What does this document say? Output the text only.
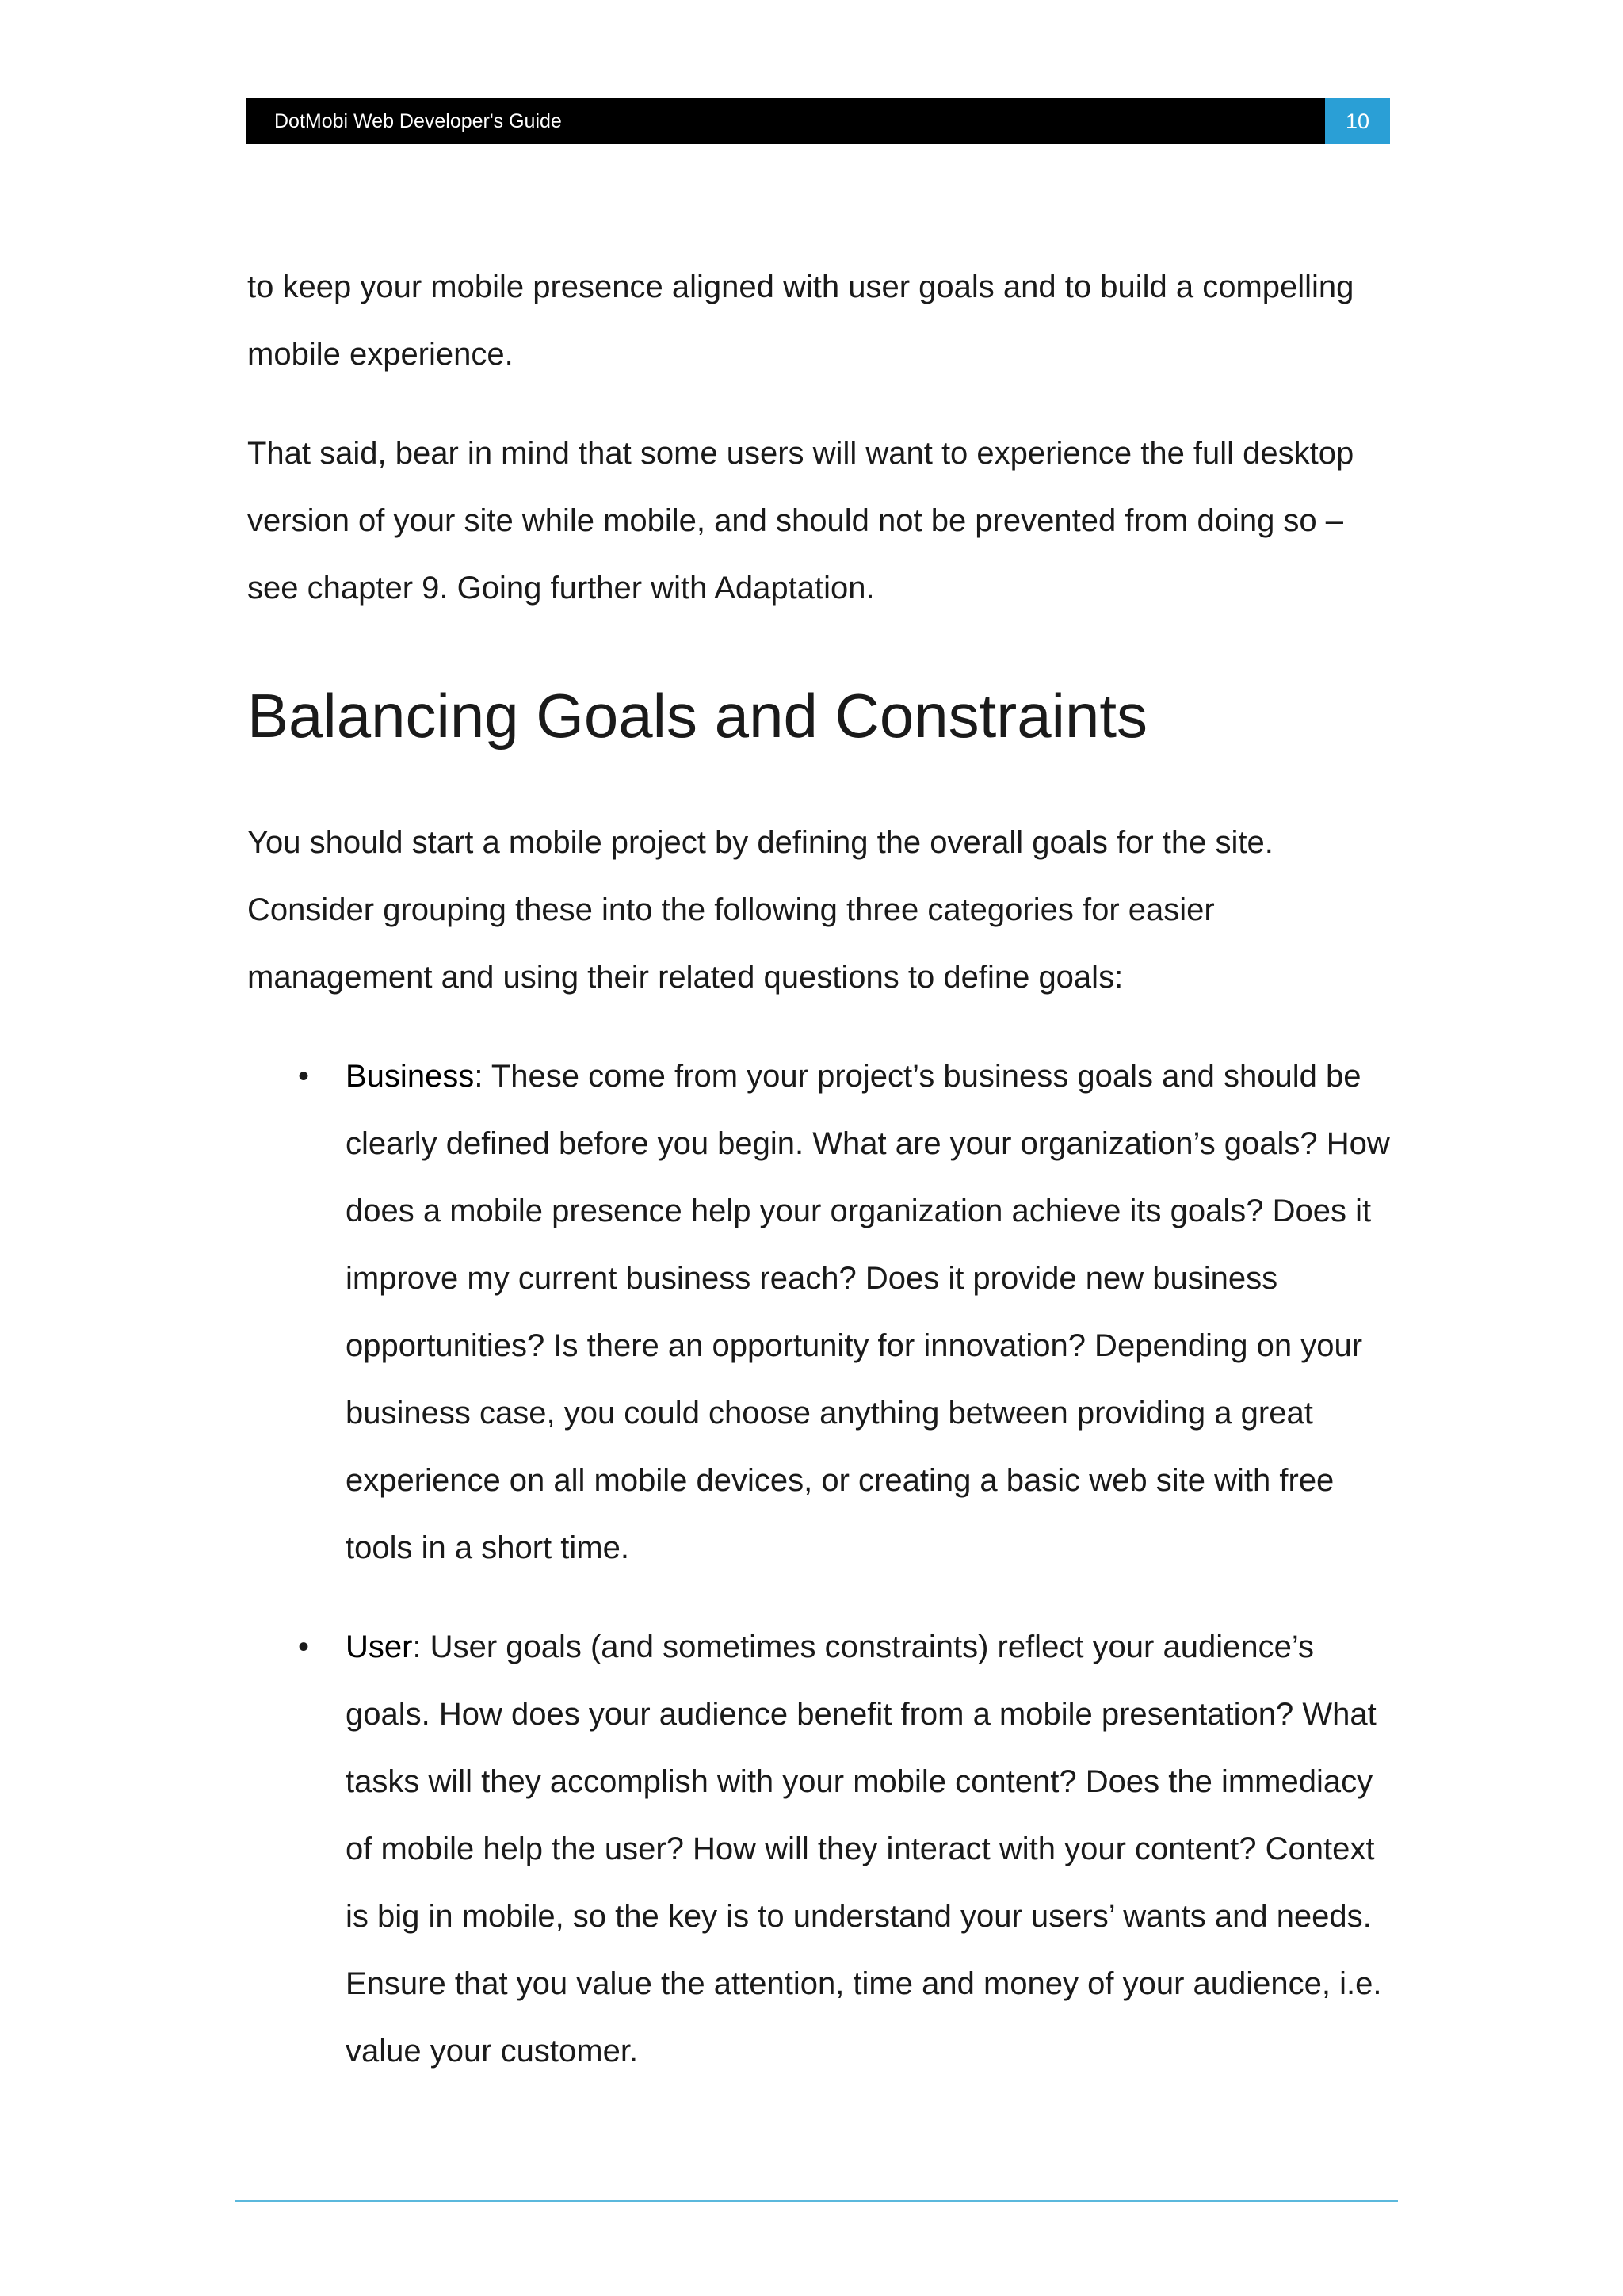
DotMobi Web Developer's Guide	10

to keep your mobile presence aligned with user goals and to build a compelling mobile experience.

That said, bear in mind that some users will want to experience the full desktop version of your site while mobile, and should not be prevented from doing so – see chapter 9. Going further with Adaptation.

Balancing Goals and Constraints

You should start a mobile project by defining the overall goals for the site. Consider grouping these into the following three categories for easier management and using their related questions to define goals:

• Business: These come from your project’s business goals and should be clearly defined before you begin. What are your organization’s goals? How does a mobile presence help your organization achieve its goals? Does it improve my current business reach? Does it provide new business opportunities? Is there an opportunity for innovation? Depending on your business case, you could choose anything between providing a great experience on all mobile devices, or creating a basic web site with free tools in a short time.
• User: User goals (and sometimes constraints) reflect your audience’s goals. How does your audience benefit from a mobile presentation? What tasks will they accomplish with your mobile content? Does the immediacy of mobile help the user? How will they interact with your content? Context is big in mobile, so the key is to understand your users’ wants and needs. Ensure that you value the attention, time and money of your audience, i.e. value your customer.
